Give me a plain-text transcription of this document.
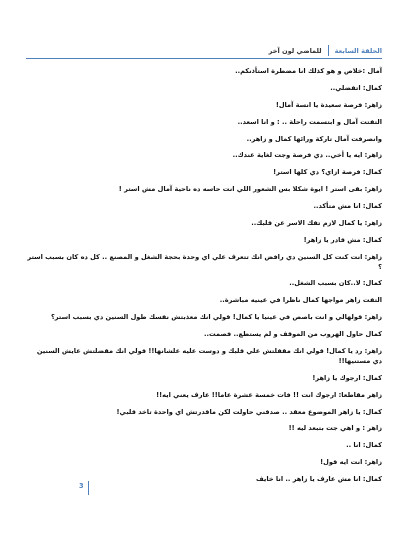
الحلقة السابعة
للماضي لون آخر

آمال :خلاص و هو كذلك انا مضطرة استأذنكم..

كمال: اتفضلي..

زاهر: فرصة سعيدة يا انسة آمال!

التفتت آمال و ابتسمت راحلة .. : و انا اسعد..

وانصرفت آمال تاركة ورائها كمال و زاهر..

زاهر: ايه يا أخي.. دي فرصة وجت لغاية عندك..

كمال: فرصة ازاي؟ دي كلها استر!

زاهر: بقى استر ! ايوة شكلا بس الشعور اللي انت حاسه ده ناحية آمال مش استر !

كمال: انا مش متأكد..

زاهر: يا كمال لازم تفك الاسر عن قلبك..

كمال: مش قادر يا زاهر!

زاهر: انت كنت كل السنين دي رافض انك تتعرف علي اي وحدة بحجة الشغل و المصنع .. كل ده كان بسبب استر ؟

كمال: لا..كان بسبب الشغل..

التفت زاهر مواجها كمال ناظرا في عينيه مباشرة..

زاهر: قولهالي و انت باصص في عينيا يا كمال! قولي انك معذبتش نفسك طول السنين دي بسبب استر؟

كمال حاول الهروب من الموقف و لم يستطع.. فصمت..

زاهر: رد يا كمال! قولي انك مقفلتش علي قلبك و دوست عليه علشانها!! قولي انك مقضلتش عايش السنين دي مستنيها!!

كمال: ارجوك يا زاهر!

زاهر مقاطعا: ارجوك انت !! فات خمسة عشرة عاما!! عارف يعني ايه!!

كمال: يا زاهر الموضوع معقد .. صدقني حاولت لكن ماقدرتش اي واحدة تاخد قلبي!

زاهر : و اهي جت بتبعد ليه !!

كمال: انا ..

زاهر: انت ايه قول!

كمال: انا مش عارف يا زاهر .. انا خايف

3
